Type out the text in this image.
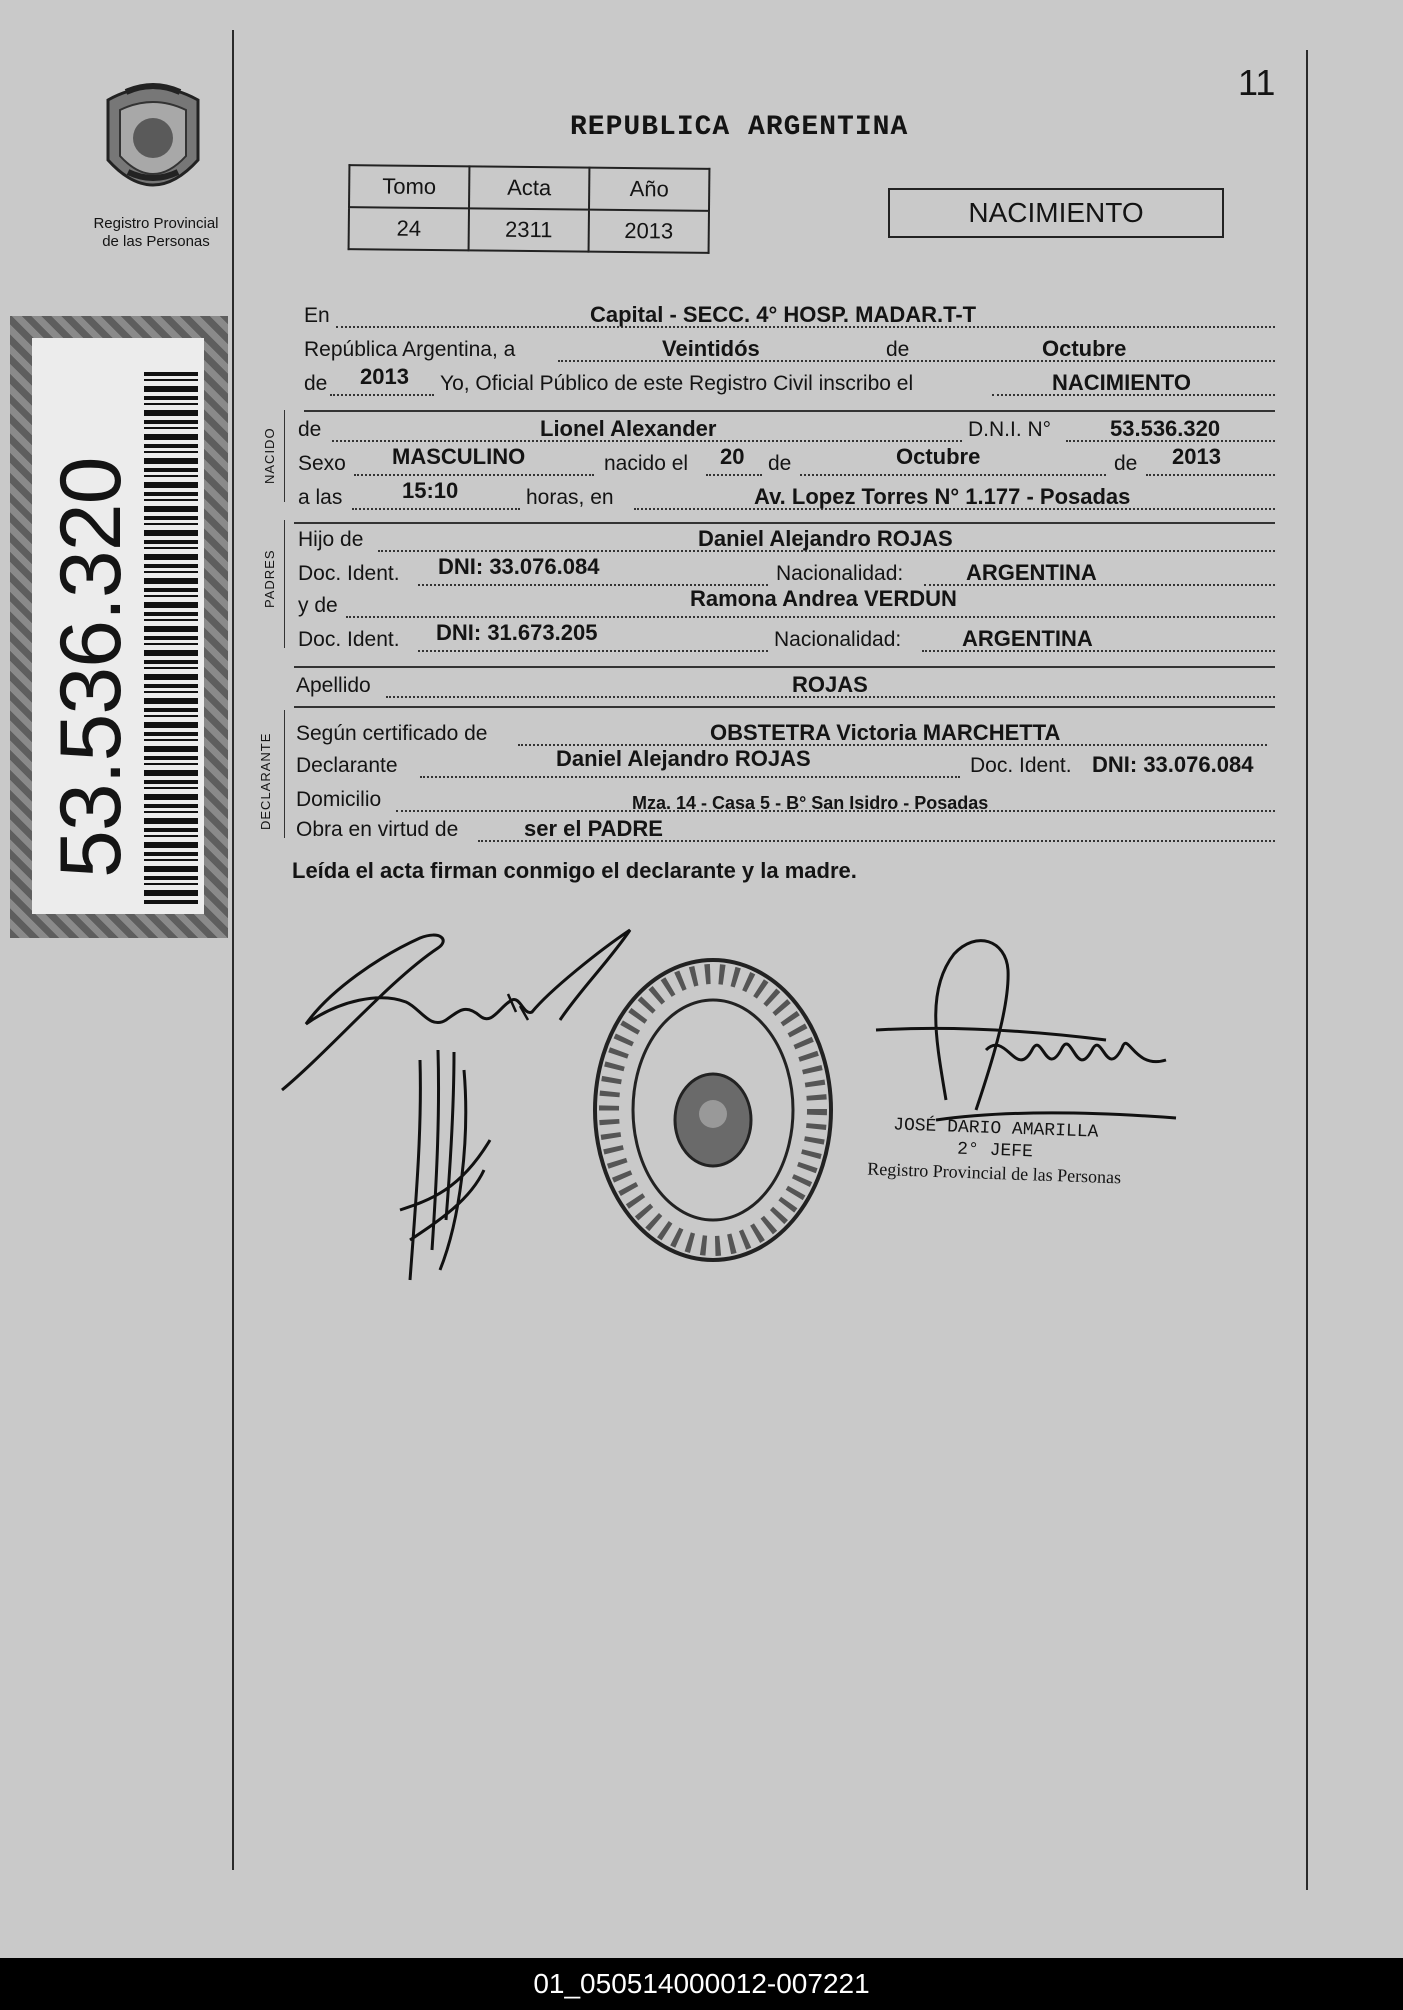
11
REPUBLICA ARGENTINA
Registro Provincial
de las Personas
Tomo	Acta	Año
24	2311	2013
NACIMIENTO
53.536.320
NACIDO
PADRES
DECLARANTE
En	Capital - SECC. 4° HOSP. MADAR.T-T
República Argentina, a	Veintidós	de	Octubre
de 2013 Yo, Oficial Público de este Registro Civil inscribo el	NACIMIENTO
de	Lionel Alexander	D.N.I. N°	53.536.320
Sexo MASCULINO	nacido el 20 de	Octubre	de 2013
a las	15:10	horas, en	Av. Lopez Torres N° 1.177 - Posadas
Hijo de	Daniel Alejandro ROJAS
Doc. Ident. DNI: 33.076.084	Nacionalidad:	ARGENTINA
y de	Ramona Andrea VERDUN
Doc. Ident. DNI: 31.673.205	Nacionalidad:	ARGENTINA
Apellido	ROJAS
Según certificado de	OBSTETRA Victoria MARCHETTA
Declarante	Daniel Alejandro ROJAS	Doc. Ident. DNI: 33.076.084
Domicilio	Mza. 14 - Casa 5 - B° San Isidro - Posadas
Obra en virtud de	ser el PADRE
Leída el acta firman conmigo el declarante y la madre.
JOSÉ DARIO AMARILLA
2° JEFE
Registro Provincial de las Personas
01_050514000012-007221
